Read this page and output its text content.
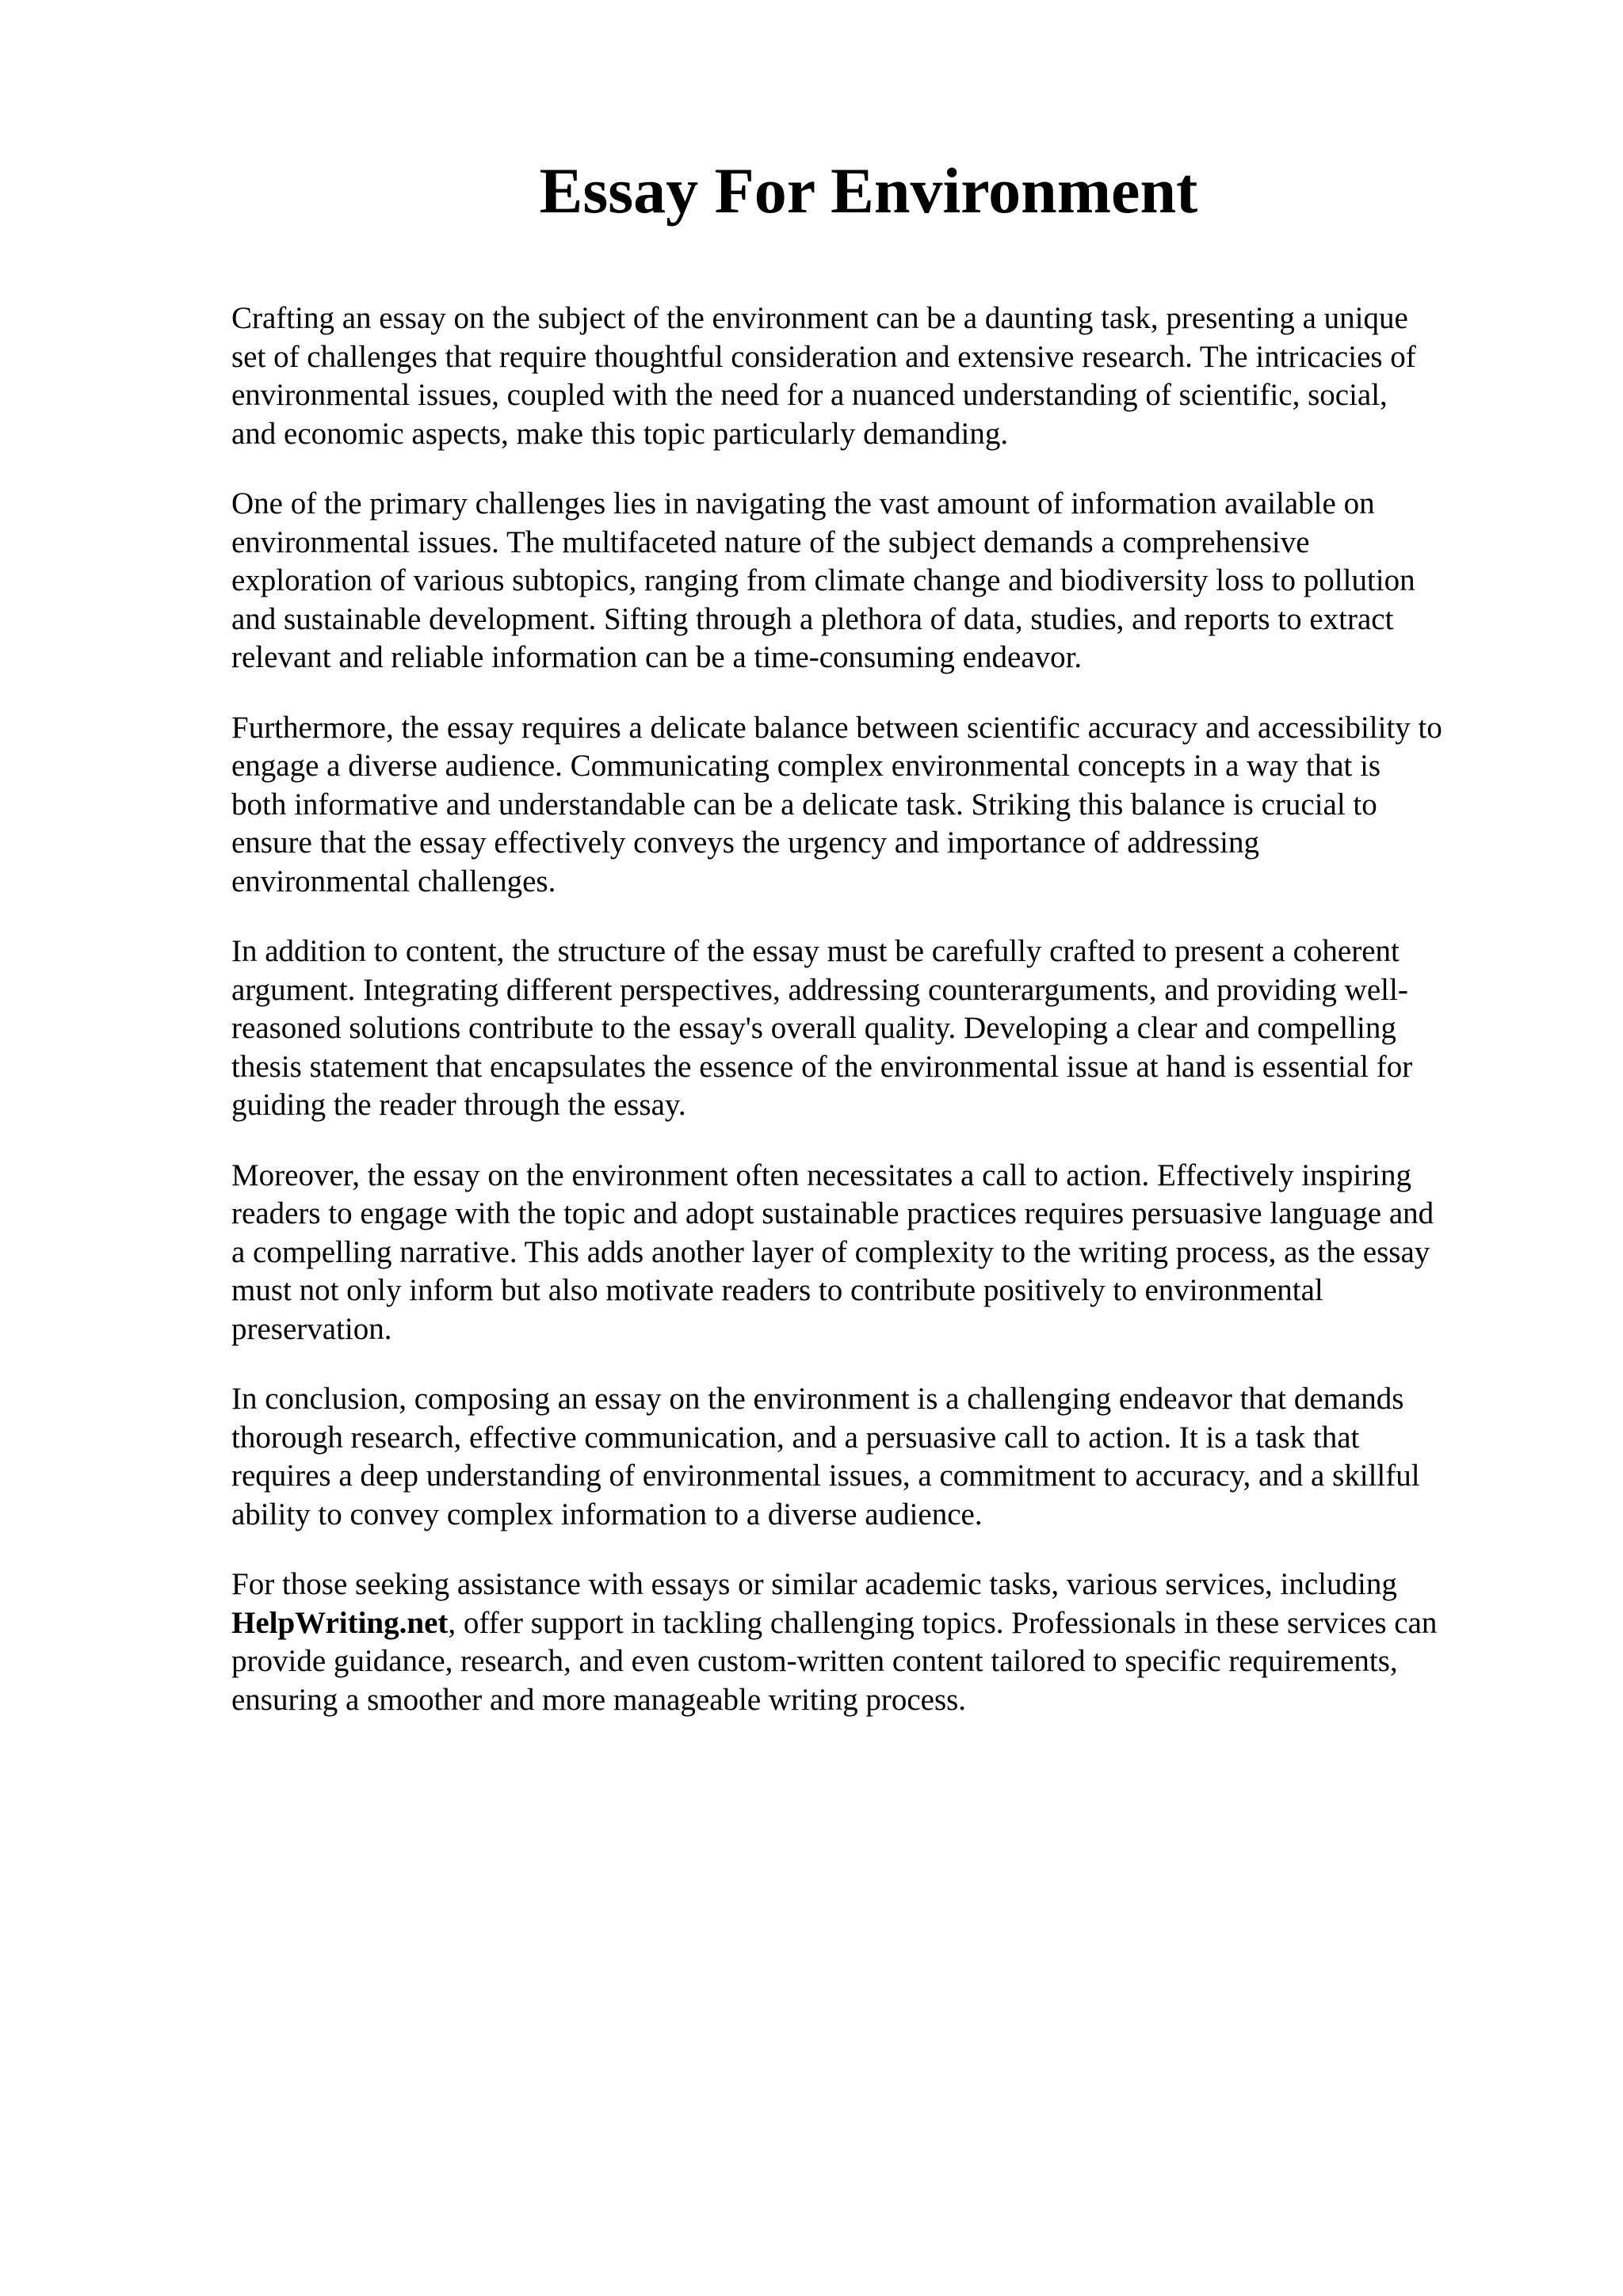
Essay For Environment

Crafting an essay on the subject of the environment can be a daunting task, presenting a unique
set of challenges that require thoughtful consideration and extensive research. The intricacies of
environmental issues, coupled with the need for a nuanced understanding of scientific, social,
and economic aspects, make this topic particularly demanding.

One of the primary challenges lies in navigating the vast amount of information available on
environmental issues. The multifaceted nature of the subject demands a comprehensive
exploration of various subtopics, ranging from climate change and biodiversity loss to pollution
and sustainable development. Sifting through a plethora of data, studies, and reports to extract
relevant and reliable information can be a time-consuming endeavor.

Furthermore, the essay requires a delicate balance between scientific accuracy and accessibility to
engage a diverse audience. Communicating complex environmental concepts in a way that is
both informative and understandable can be a delicate task. Striking this balance is crucial to
ensure that the essay effectively conveys the urgency and importance of addressing
environmental challenges.

In addition to content, the structure of the essay must be carefully crafted to present a coherent
argument. Integrating different perspectives, addressing counterarguments, and providing well-
reasoned solutions contribute to the essay's overall quality. Developing a clear and compelling
thesis statement that encapsulates the essence of the environmental issue at hand is essential for
guiding the reader through the essay.

Moreover, the essay on the environment often necessitates a call to action. Effectively inspiring
readers to engage with the topic and adopt sustainable practices requires persuasive language and
a compelling narrative. This adds another layer of complexity to the writing process, as the essay
must not only inform but also motivate readers to contribute positively to environmental
preservation.

In conclusion, composing an essay on the environment is a challenging endeavor that demands
thorough research, effective communication, and a persuasive call to action. It is a task that
requires a deep understanding of environmental issues, a commitment to accuracy, and a skillful
ability to convey complex information to a diverse audience.

For those seeking assistance with essays or similar academic tasks, various services, including
HelpWriting.net, offer support in tackling challenging topics. Professionals in these services can
provide guidance, research, and even custom-written content tailored to specific requirements,
ensuring a smoother and more manageable writing process.
